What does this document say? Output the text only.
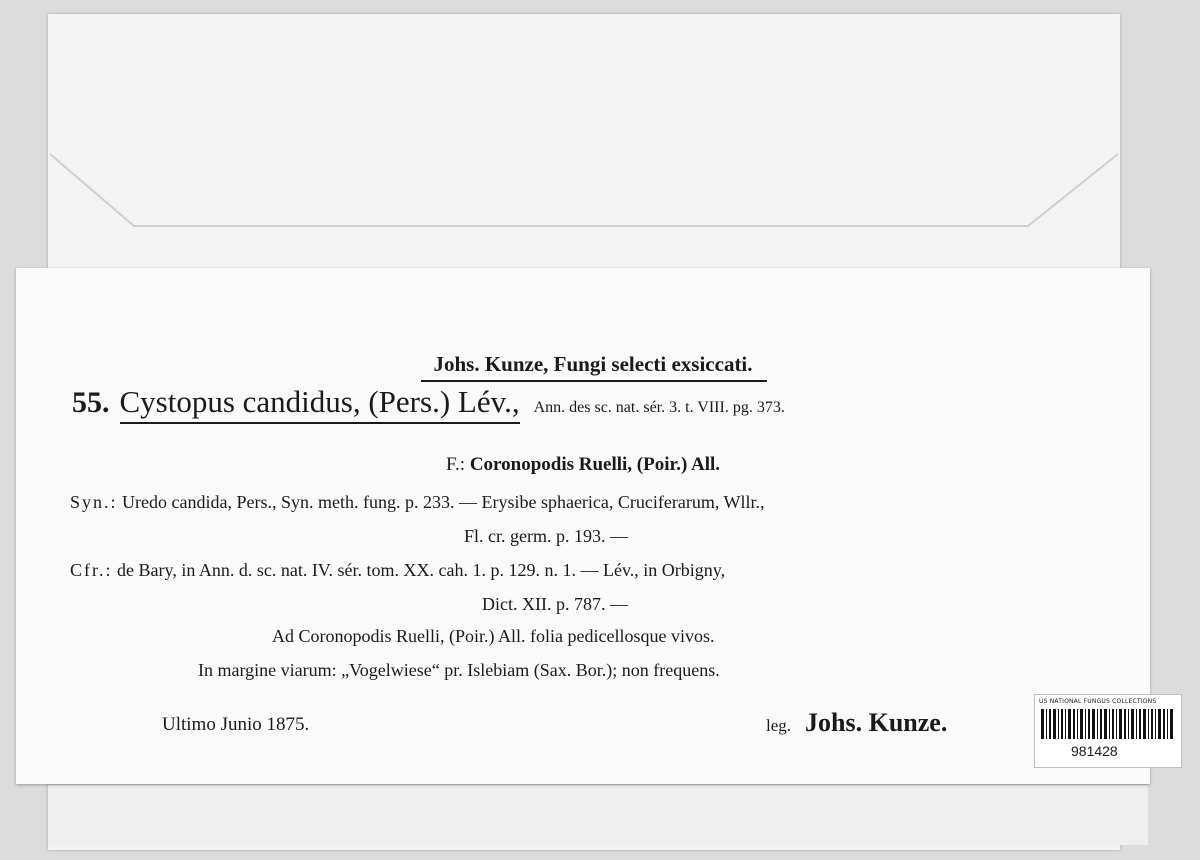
Johs. Kunze, Fungi selecti exsiccati.
55. Cystopus candidus, (Pers.) Lév., Ann. des sc. nat. sér. 3. t. VIII. pg. 373.
F.: Coronopodis Ruelli, (Poir.) All.
Syn.: Uredo candida, Pers., Syn. meth. fung. p. 233. — Erysibe sphaerica, Cruciferarum, Wllr.,
Fl. cr. germ. p. 193. —
Cfr.: de Bary, in Ann. d. sc. nat. IV. sér. tom. XX. cah. 1. p. 129. n. 1. — Lév., in Orbigny,
Dict. XII. p. 787. —
Ad Coronopodis Ruelli, (Poir.) All. folia pedicellosque vivos.
In margine viarum: „Vogelwiese“ pr. Islebiam (Sax. Bor.); non frequens.
Ultimo Junio 1875.	leg. Johs. Kunze.
US NATIONAL FUNGUS COLLECTIONS
981428
